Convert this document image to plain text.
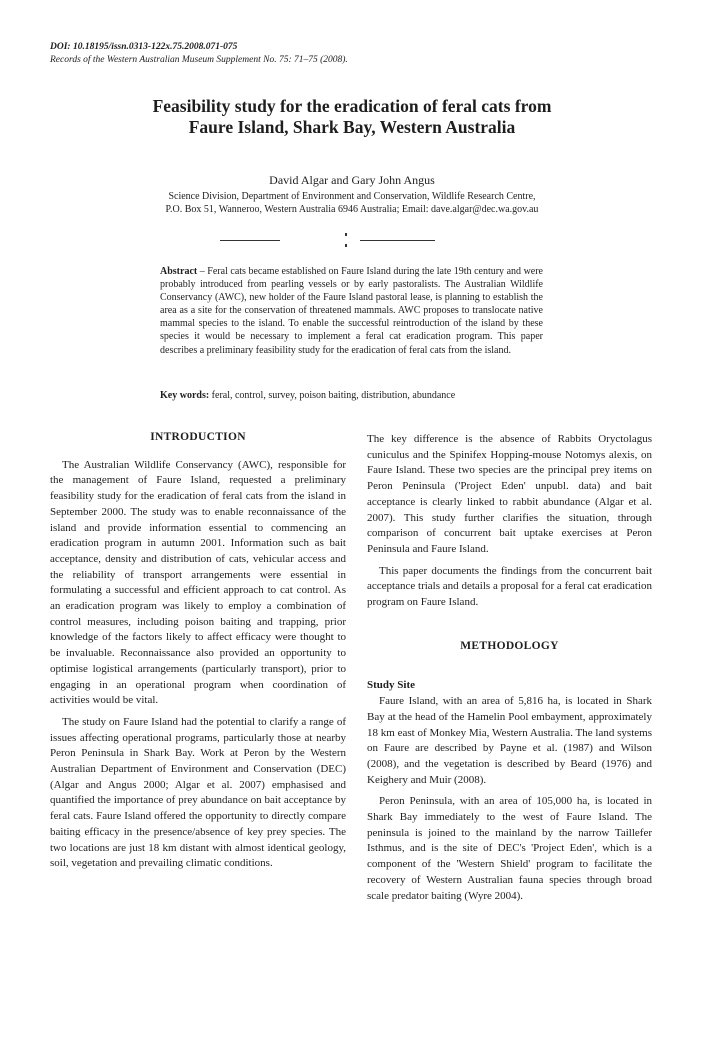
DOI: 10.18195/issn.0313-122x.75.2008.071-075
Records of the Western Australian Museum Supplement No. 75: 71–75 (2008).
Feasibility study for the eradication of feral cats from
Faure Island, Shark Bay, Western Australia
David Algar and Gary John Angus
Science Division, Department of Environment and Conservation, Wildlife Research Centre,
P.O. Box 51, Wanneroo, Western Australia 6946 Australia; Email: dave.algar@dec.wa.gov.au
Abstract – Feral cats became established on Faure Island during the late 19th century and were probably introduced from pearling vessels or by early pastoralists. The Australian Wildlife Conservancy (AWC), new holder of the Faure Island pastoral lease, is planning to establish the area as a site for the conservation of threatened mammals. AWC proposes to translocate native mammal species to the island. To enable the successful reintroduction of the island by these species it would be necessary to implement a feral cat eradication program. This paper describes a preliminary feasibility study for the eradication of feral cats from the island.
Key words: feral, control, survey, poison baiting, distribution, abundance
INTRODUCTION

The Australian Wildlife Conservancy (AWC), responsible for the management of Faure Island, requested a preliminary feasibility study for the eradication of feral cats from the island in September 2000. The study was to enable reconnaissance of the island and provide information essential to commencing an eradication program in autumn 2001. Information such as bait acceptance, density and distribution of cats, vehicular access and the reliability of transport arrangements were essential in formulating a successful and efficient approach to cat control. As an eradication program was likely to employ a combination of control measures, including poison baiting and trapping, prior knowledge of the factors likely to affect efficacy were thought to be invaluable. Reconnaissance also provided an opportunity to optimise logistical arrangements (particularly transport), prior to engaging in an operational program when coordination of activities would be vital.

The study on Faure Island had the potential to clarify a range of issues affecting operational programs, particularly those at nearby Peron Peninsula in Shark Bay. Work at Peron by the Western Australian Department of Environment and Conservation (DEC) (Algar and Angus 2000; Algar et al. 2007) emphasised and quantified the importance of prey abundance on bait acceptance by feral cats. Faure Island offered the opportunity to directly compare baiting efficacy in the presence/absence of key prey species. The two locations are just 18 km distant with almost identical geology, soil, vegetation and prevailing climatic conditions.

The key difference is the absence of Rabbits Oryctolagus cuniculus and the Spinifex Hopping-mouse Notomys alexis, on Faure Island. These two species are the principal prey items on Peron Peninsula ('Project Eden' unpubl. data) and bait acceptance is clearly linked to rabbit abundance (Algar et al. 2007). This study further clarifies the situation, through comparison of concurrent bait uptake exercises at Peron Peninsula and Faure Island.

This paper documents the findings from the concurrent bait acceptance trials and details a proposal for a feral cat eradication program on Faure Island.

METHODOLOGY
Study Site

Faure Island, with an area of 5,816 ha, is located in Shark Bay at the head of the Hamelin Pool embayment, approximately 18 km east of Monkey Mia, Western Australia. The land systems on Faure are described by Payne et al. (1987) and Wilson (2008), and the vegetation is described by Beard (1976) and Keighery and Muir (2008).

Peron Peninsula, with an area of 105,000 ha, is located in Shark Bay immediately to the west of Faure Island. The peninsula is joined to the mainland by the narrow Taillefer Isthmus, and is the site of DEC's 'Project Eden', which is a component of the 'Western Shield' program to facilitate the recovery of Western Australian fauna species through broad scale predator baiting (Wyre 2004).
